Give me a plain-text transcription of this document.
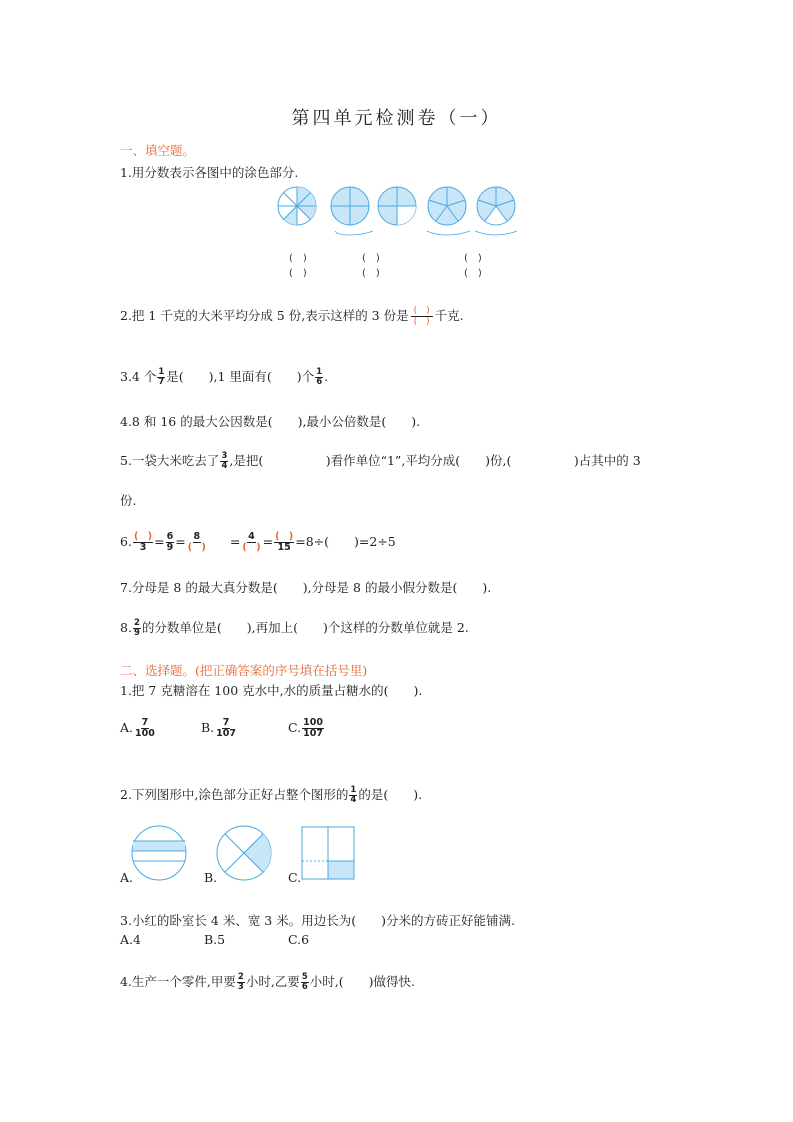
第四单元检测卷（一）
一、填空题。
1.用分数表示各图中的涂色部分.
(　)
(　)
(　)
(　)
(　)
(　)
2.把 1 千克的大米平均分成 5 份,表示这样的 3 份是 $\frac{( )}{( )}$ 千克.
3.4 个 $\frac{1}{7}$ 是(　　),1 里面有(　　)个 $\frac{1}{6}$ .
4.8 和 16 的最大公因数是(　　),最小公倍数是(　　).
5.一袋大米吃去了 $\frac{3}{4}$ ,是把(　　　　　)看作单位“1”,平均分成(　　)份,(　　　　　)占其中的 3
份.
6. $\frac{( )}{3} = \frac{6}{9} = \frac{8}{( )} = \frac{4}{( )} = \frac{( )}{15} =8\div$(　　)=2÷5
7.分母是 8 的最大真分数是(　　),分母是 8 的最小假分数是(　　).
8. $\frac{2}{9}$ 的分数单位是(　　),再加上(　　)个这样的分数单位就是 2.
二、选择题。(把正确答案的序号填在括号里)
1.把 7 克糖溶在 100 克水中,水的质量占糖水的(　　).
A. $\frac{7}{100}$	B. $\frac{7}{107}$	C. $\frac{100}{107}$
2.下列图形中,涂色部分正好占整个图形的 $\frac{1}{4}$ 的是(　　).
A.	B.	C.
3.小红的卧室长 4 米、宽 3 米。用边长为(　　)分米的方砖正好能铺满.
A.4	B.5	C.6
4.生产一个零件,甲要 $\frac{2}{3}$ 小时,乙要 $\frac{5}{6}$ 小时,(　　)做得快.
